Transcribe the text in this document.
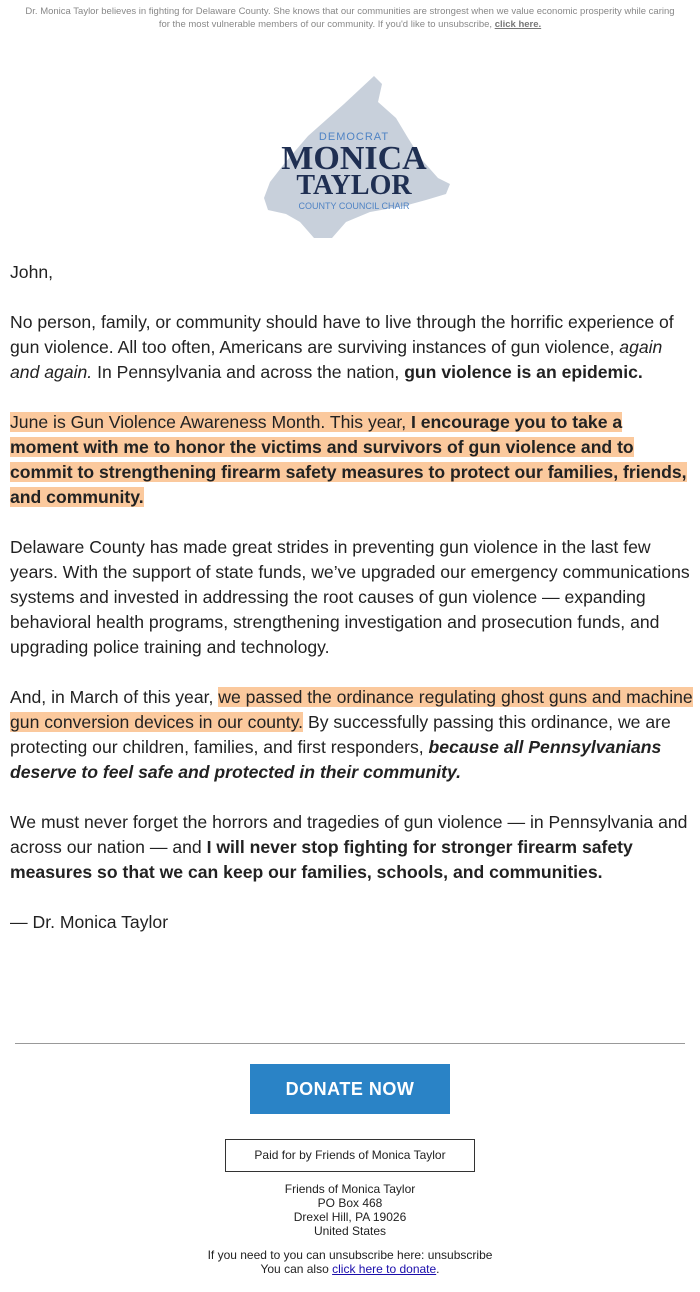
Dr. Monica Taylor believes in fighting for Delaware County. She knows that our communities are strongest when we value economic prosperity while caring for the most vulnerable members of our community. If you'd like to unsubscribe, click here.
DEMOCRAT
MONICA
TAYLOR
COUNTY COUNCIL CHAIR

John,

No person, family, or community should have to live through the horrific experience of gun violence. All too often, Americans are surviving instances of gun violence, again and again. In Pennsylvania and across the nation, gun violence is an epidemic.

June is Gun Violence Awareness Month. This year, I encourage you to take a moment with me to honor the victims and survivors of gun violence and to commit to strengthening firearm safety measures to protect our families, friends, and community.

Delaware County has made great strides in preventing gun violence in the last few years. With the support of state funds, we’ve upgraded our emergency communications systems and invested in addressing the root causes of gun violence — expanding behavioral health programs, strengthening investigation and prosecution funds, and upgrading police training and technology.

And, in March of this year, we passed the ordinance regulating ghost guns and machine gun conversion devices in our county. By successfully passing this ordinance, we are protecting our children, families, and first responders, because all Pennsylvanians deserve to feel safe and protected in their community.

We must never forget the horrors and tragedies of gun violence — in Pennsylvania and across our nation — and I will never stop fighting for stronger firearm safety measures so that we can keep our families, schools, and communities.

— Dr. Monica Taylor

DONATE NOW
Paid for by Friends of Monica Taylor
Friends of Monica Taylor
PO Box 468
Drexel Hill, PA 19026
United States
If you need to you can unsubscribe here: unsubscribe
You can also click here to donate.
